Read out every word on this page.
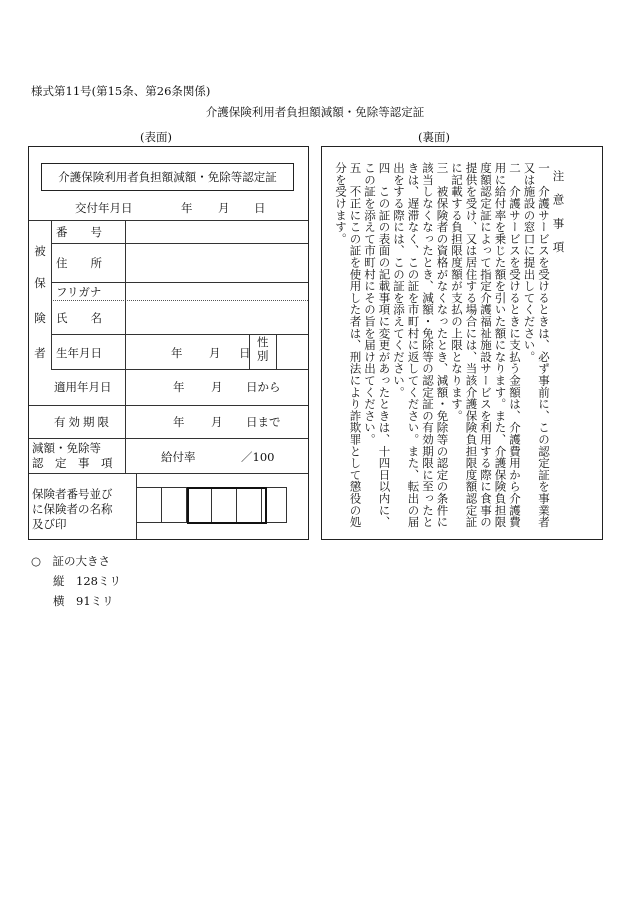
様式第11号(第15条、第26条関係)
介護保険利用者負担額減額・免除等認定証
(表面)	(裏面)
介護保険利用者負担額減額・免除等認定証
交付年月日	年 月 日
被
保
険
者
番　　号
住　　所
フリガナ
氏　　名
生年月日	年 月 日
性
別
適用年月日	年 月 日から
有効期限	年 月 日まで
減額・免除等
認　定　事　項	給付率	／100
保険者番号並び
に保険者の名称
及び印

注　意　事　項
一　介護サービスを受けるときは、必ず事前に、この認定証を事業者又は施設の窓口に提出してください。
二　介護サービスを受けるときに支払う金額は、介護費用から介護費用に給付率を乗じた額を引いた額になります。また、介護保険負担限度額認定証によって指定介護福祉施設サービスを利用する際に食事の提供を受け、又は居住する場合には、当該介護保険負担限度額認定証に記載する負担限度額が支払の上限となります。
三　被保険者の資格がなくなったとき、減額・免除等の認定の条件に該当しなくなったとき、減額・免除等の認定証の有効期限に至ったときは、遅滞なく、この証を市町村に返してください。また、転出の届出をする際には、この証を添えてください。
四　この証の表面の記載事項に変更があったときは、十四日以内に、この証を添えて市町村にその旨を届け出てください。
五　不正にこの証を使用した者は、刑法により詐欺罪として懲役の処分を受けます。

○　証の大きさ
縦　128ミリ
横　91ミリ
